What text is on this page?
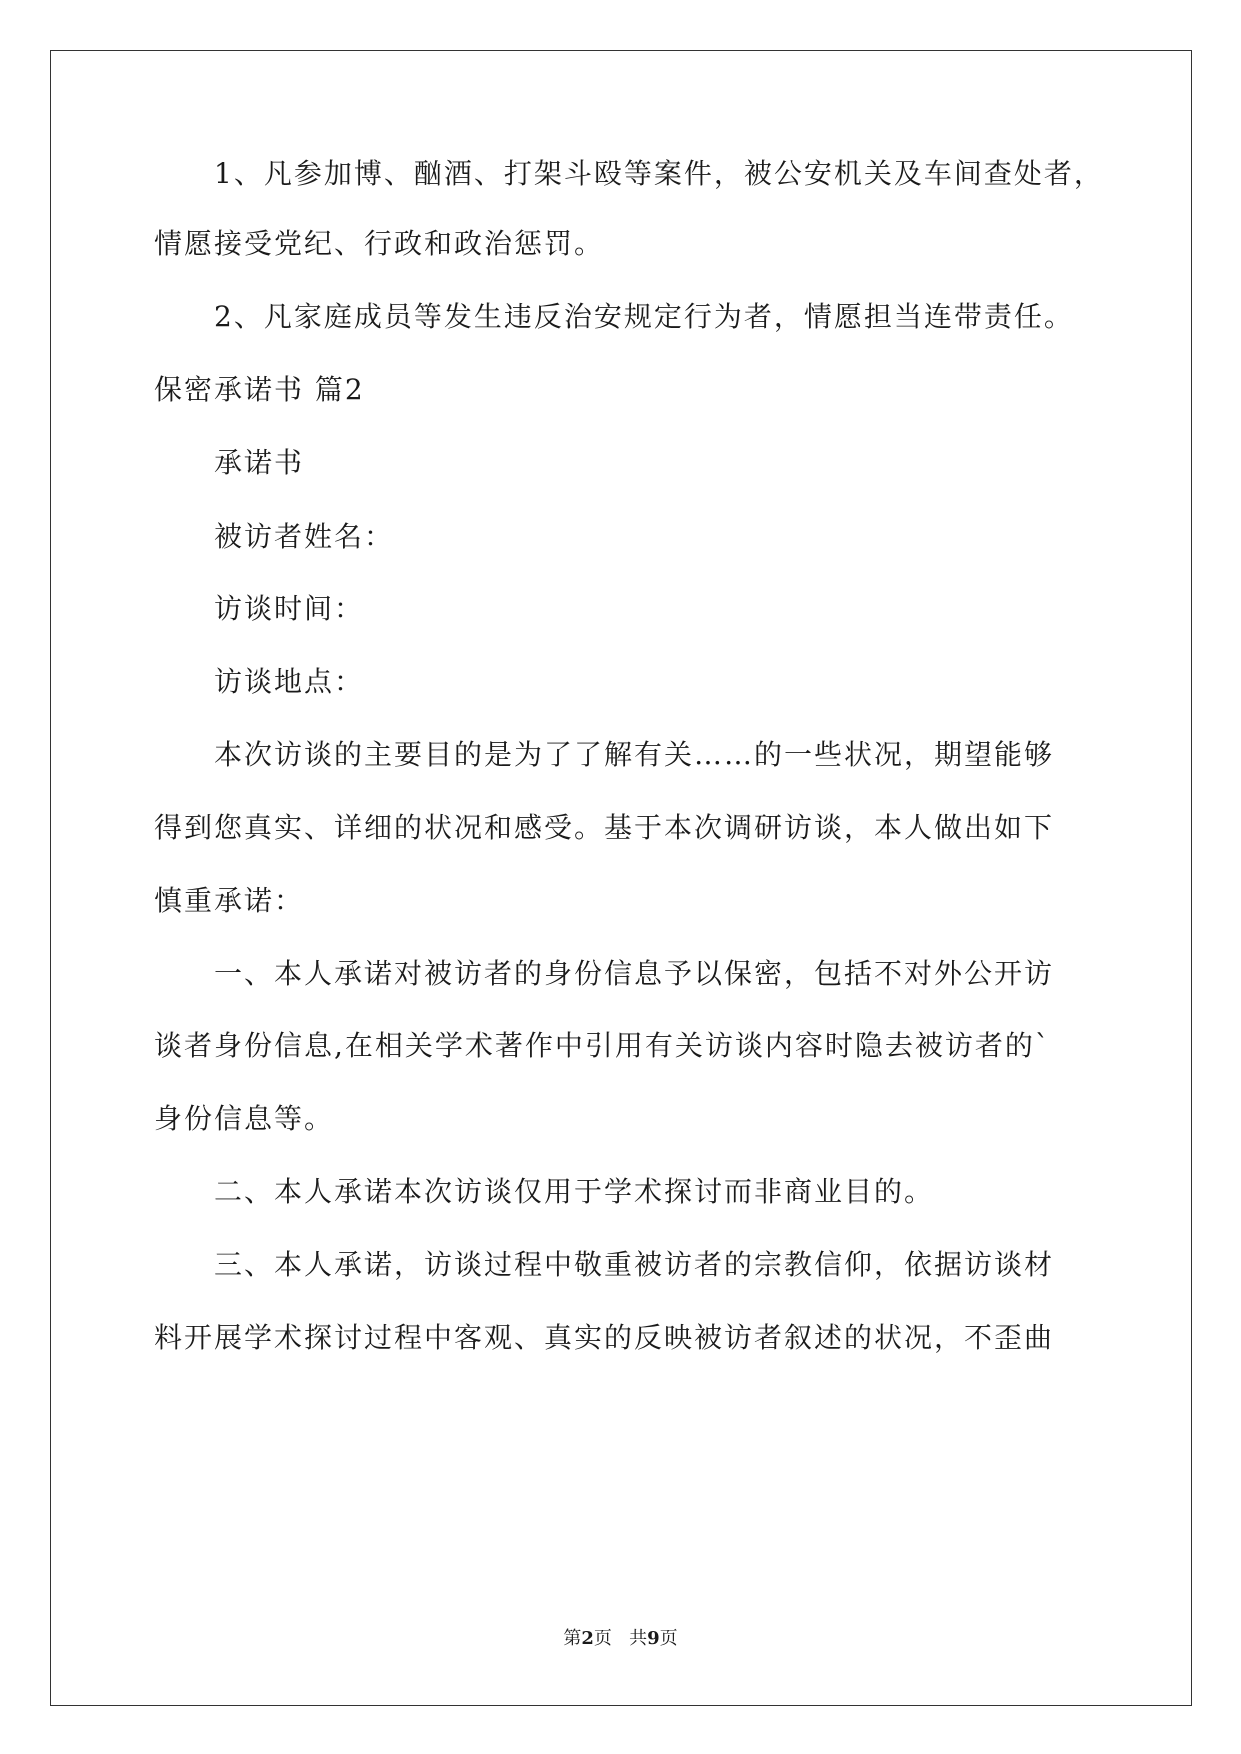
1、凡参加博、酗酒、打架斗殴等案件，被公安机关及车间查处者，
情愿接受党纪、行政和政治惩罚。
2、凡家庭成员等发生违反治安规定行为者，情愿担当连带责任。
保密承诺书 篇2
承诺书
被访者姓名：
访谈时间：
访谈地点：
本次访谈的主要目的是为了了解有关……的一些状况，期望能够
得到您真实、详细的状况和感受。基于本次调研访谈，本人做出如下
慎重承诺：
一、本人承诺对被访者的身份信息予以保密，包括不对外公开访
谈者身份信息,在相关学术著作中引用有关访谈内容时隐去被访者的`
身份信息等。
二、本人承诺本次访谈仅用于学术探讨而非商业目的。
三、本人承诺，访谈过程中敬重被访者的宗教信仰，依据访谈材
料开展学术探讨过程中客观、真实的反映被访者叙述的状况，不歪曲
第2页   共9页
